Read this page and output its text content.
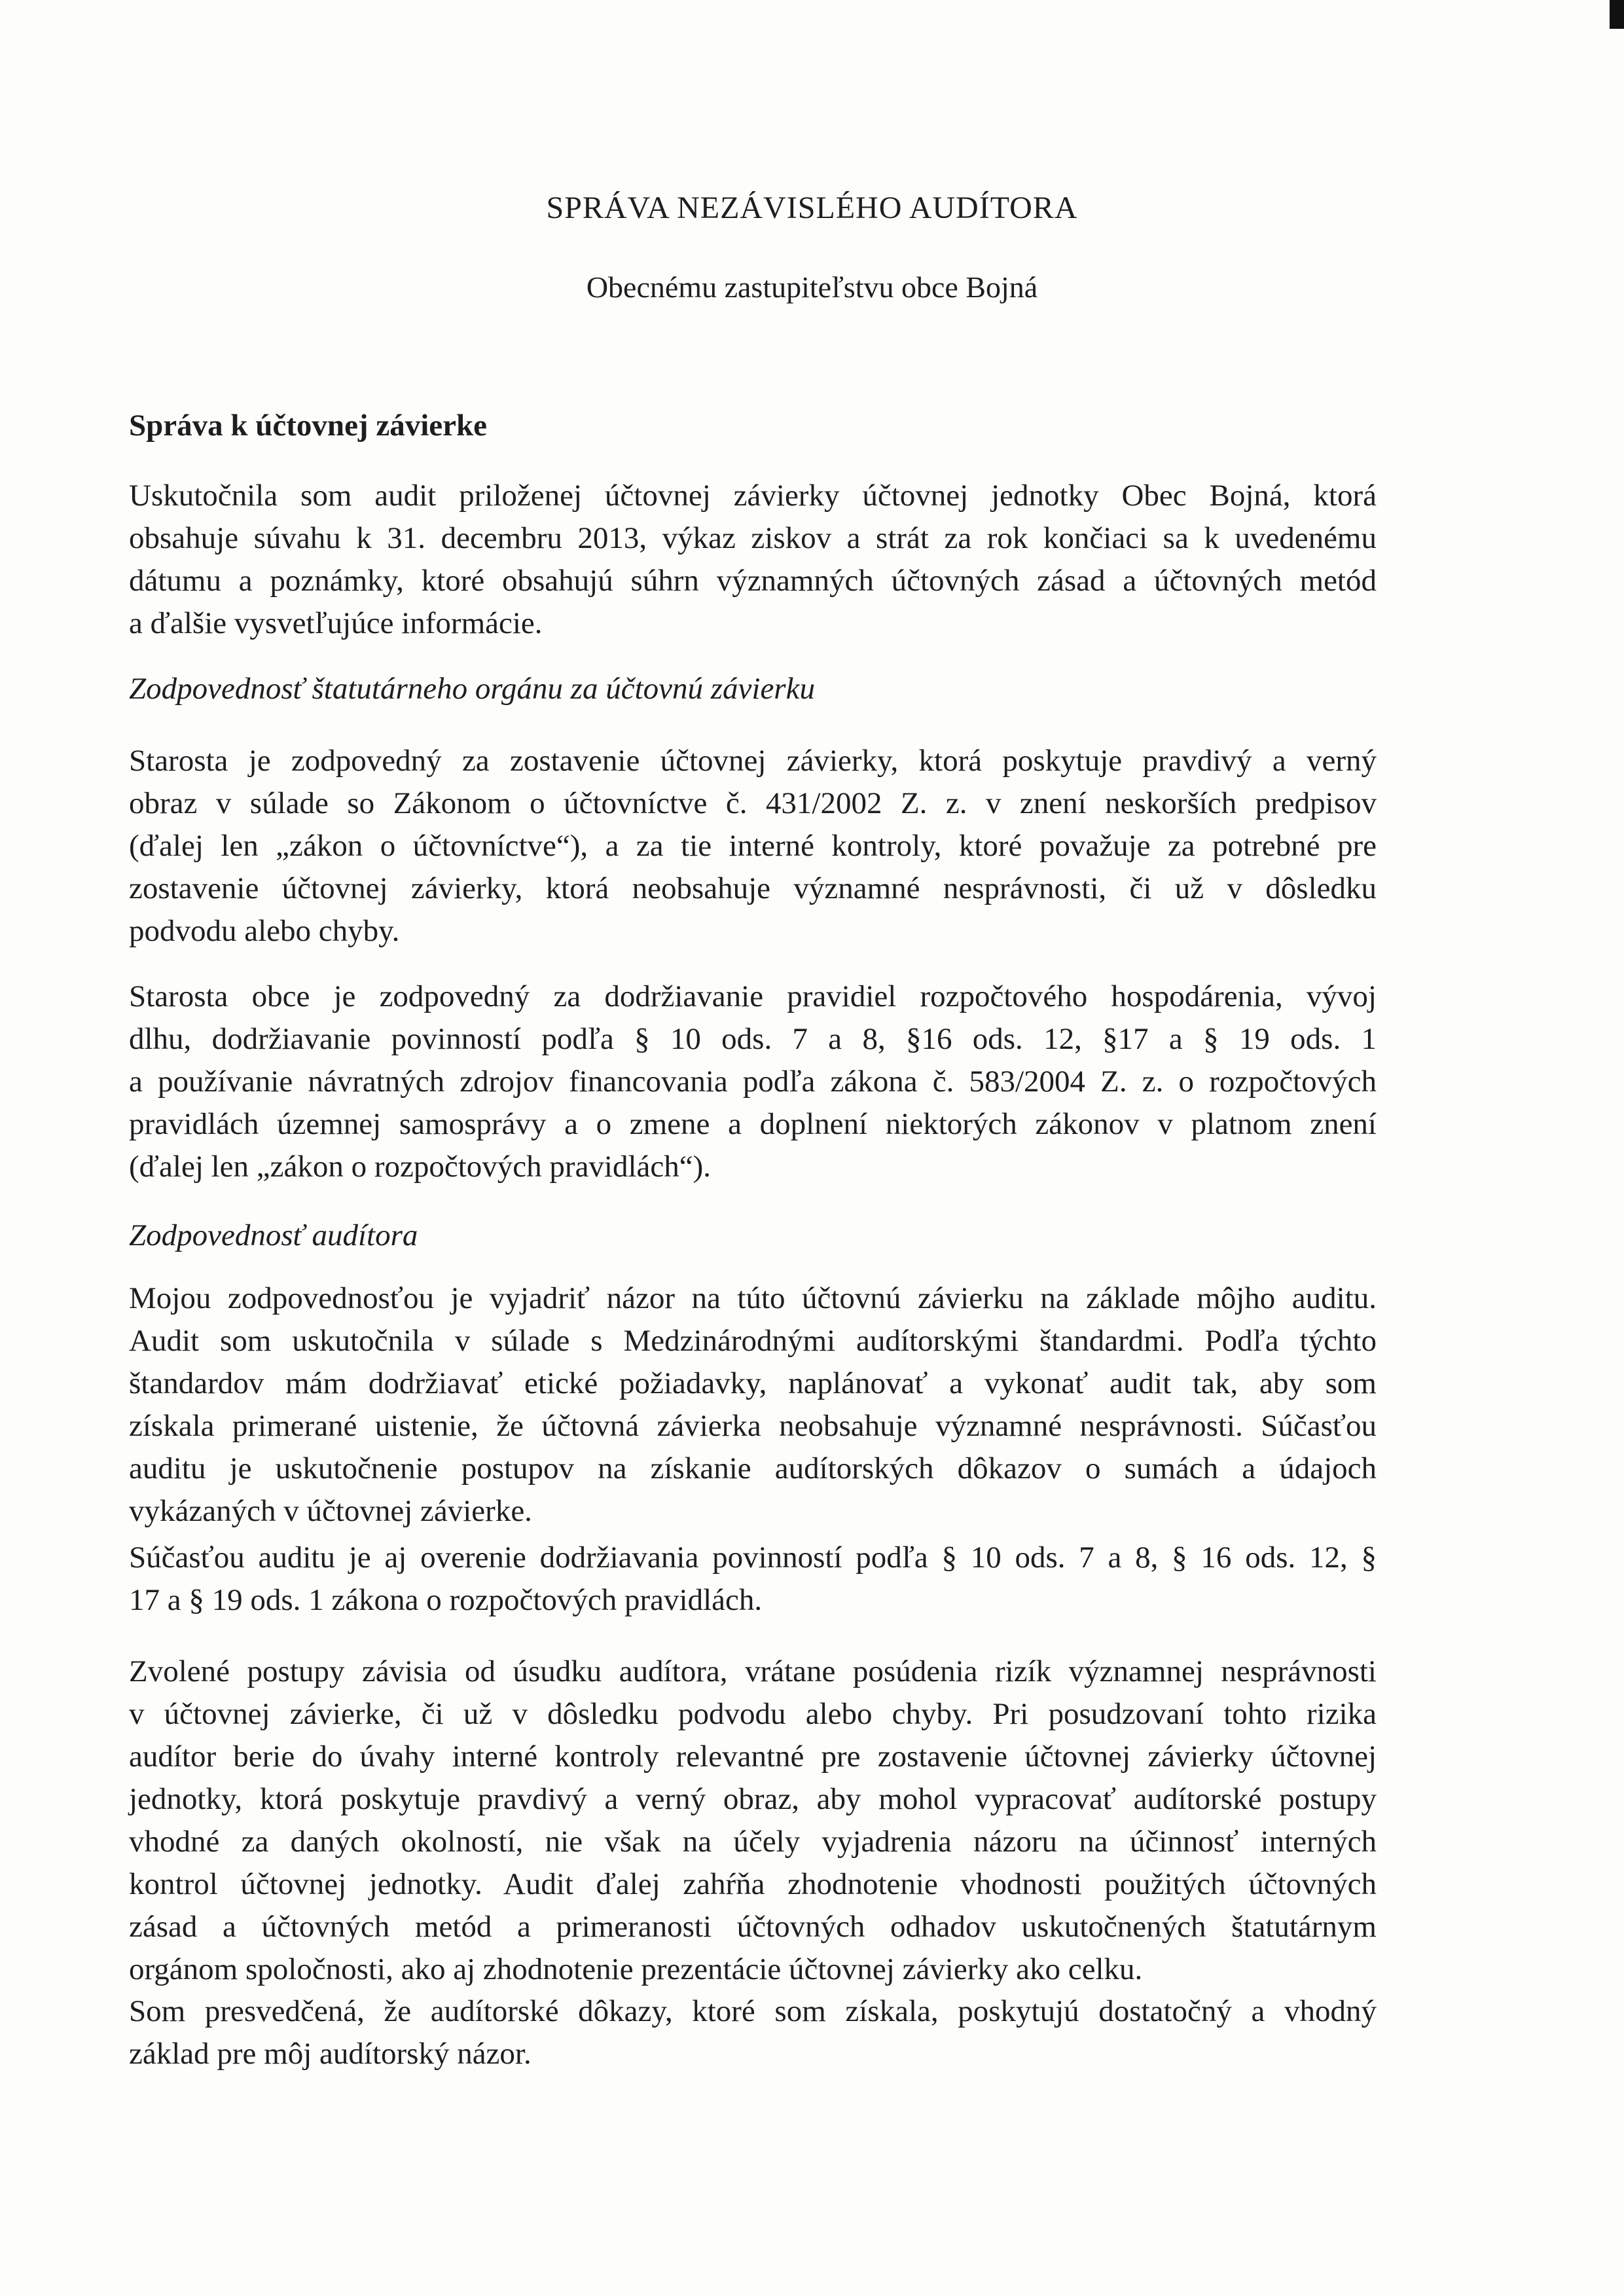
SPRÁVA NEZÁVISLÉHO AUDÍTORA
Obecnému zastupiteľstvu obce Bojná
Správa k účtovnej závierke
Uskutočnila som audit priloženej účtovnej závierky účtovnej jednotky Obec Bojná, ktorá
obsahuje súvahu k 31. decembru 2013, výkaz ziskov a strát za rok končiaci sa k uvedenému
dátumu a poznámky, ktoré obsahujú súhrn významných účtovných zásad a účtovných metód
a ďalšie vysvetľujúce informácie.
Zodpovednosť štatutárneho orgánu za účtovnú závierku
Starosta je zodpovedný za zostavenie účtovnej závierky, ktorá poskytuje pravdivý a verný
obraz v súlade so Zákonom o účtovníctve č. 431/2002 Z. z. v znení neskorších predpisov
(ďalej len „zákon o účtovníctve“), a za tie interné kontroly, ktoré považuje za potrebné pre
zostavenie účtovnej závierky, ktorá neobsahuje významné nesprávnosti, či už v dôsledku
podvodu alebo chyby.
Starosta obce je zodpovedný za dodržiavanie pravidiel rozpočtového hospodárenia, vývoj
dlhu, dodržiavanie povinností podľa § 10 ods. 7 a 8, §16 ods. 12, §17 a § 19 ods. 1
a používanie návratných zdrojov financovania podľa zákona č. 583/2004 Z. z. o rozpočtových
pravidlách územnej samosprávy a o zmene a doplnení niektorých zákonov v platnom znení
(ďalej len „zákon o rozpočtových pravidlách“).
Zodpovednosť audítora
Mojou zodpovednosťou je vyjadriť názor na túto účtovnú závierku na základe môjho auditu.
Audit som uskutočnila v súlade s Medzinárodnými audítorskými štandardmi. Podľa týchto
štandardov mám dodržiavať etické požiadavky, naplánovať a vykonať audit tak, aby som
získala primerané uistenie, že účtovná závierka neobsahuje významné nesprávnosti. Súčasťou
auditu je uskutočnenie postupov na získanie audítorských dôkazov o sumách a údajoch
vykázaných v účtovnej závierke.
Súčasťou auditu je aj overenie dodržiavania povinností podľa § 10 ods. 7 a 8, § 16 ods. 12, §
17 a § 19 ods. 1 zákona o rozpočtových pravidlách.
Zvolené postupy závisia od úsudku audítora, vrátane posúdenia rizík významnej nesprávnosti
v účtovnej závierke, či už v dôsledku podvodu alebo chyby. Pri posudzovaní tohto rizika
audítor berie do úvahy interné kontroly relevantné pre zostavenie účtovnej závierky účtovnej
jednotky, ktorá poskytuje pravdivý a verný obraz, aby mohol vypracovať audítorské postupy
vhodné za daných okolností, nie však na účely vyjadrenia názoru na účinnosť interných
kontrol účtovnej jednotky. Audit ďalej zahŕňa zhodnotenie vhodnosti použitých účtovných
zásad a účtovných metód a primeranosti účtovných odhadov uskutočnených štatutárnym
orgánom spoločnosti, ako aj zhodnotenie prezentácie účtovnej závierky ako celku.
Som presvedčená, že audítorské dôkazy, ktoré som získala, poskytujú dostatočný a vhodný
základ pre môj audítorský názor.
